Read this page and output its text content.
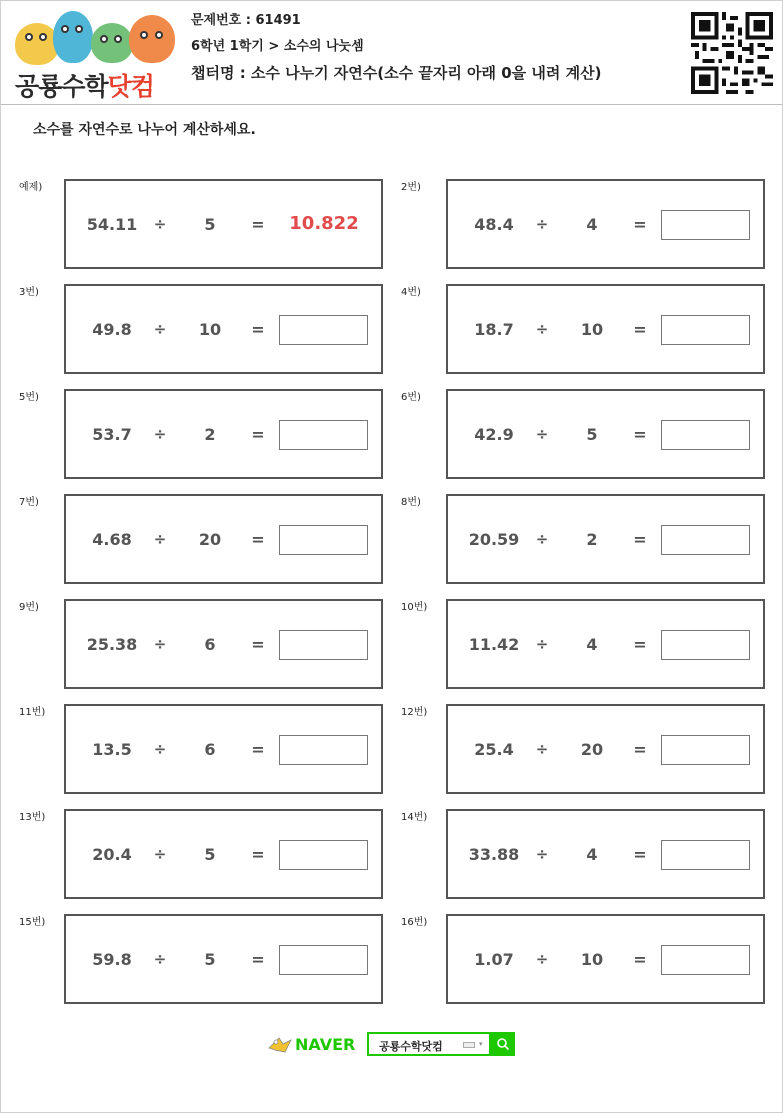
공룡수학닷컴
문제번호 : 61491
6학년 1학기 > 소수의 나눗셈
챕터명 : 소수 나누기 자연수(소수 끝자리 아래 0을 내려 계산)
소수를 자연수로 나누어 계산하세요.
예제)
54.11	÷	5	=	10.822
2번)
48.4	÷	4	=
3번)
49.8	÷	10	=
4번)
18.7	÷	10	=
5번)
53.7	÷	2	=
6번)
42.9	÷	5	=
7번)
4.68	÷	20	=
8번)
20.59	÷	2	=
9번)
25.38	÷	6	=
10번)
11.42	÷	4	=
11번)
13.5	÷	6	=
12번)
25.4	÷	20	=
13번)
20.4	÷	5	=
14번)
33.88	÷	4	=
15번)
59.8	÷	5	=
16번)
1.07	÷	10	=
NAVER 공룡수학닷컴	▾
